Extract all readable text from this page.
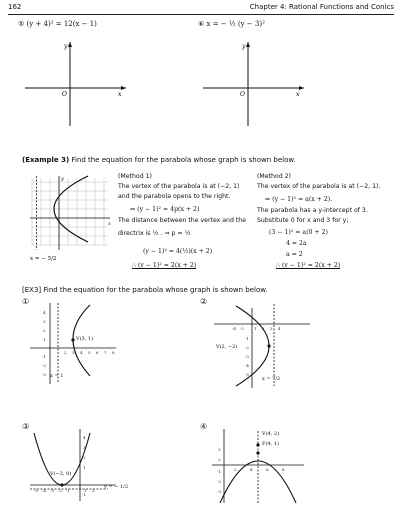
162	Chapter 4: Rational Functions and Conics
⑤ (y + 4)² = 12(x − 1)
O	x
y
⑥ x = − ½ (y − 3)²
O	x
y
(Example 3) Find the equation for the parabola whose graph is shown below.
x
y
x = − 5/2
(Method 1)
The vertex of the parabola is at (−2, 1)
and the parabola opens to the right.
⇒ (y − 1)² = 4p(x + 2)
The distance between the vertex and the
directrix is ½ . ⇒ p = ½
(y − 1)² = 4(½)(x + 2)
∴ (y − 1)² = 2(x + 2)
(Method 2)
The vertex of the parabola is at (−2, 1).
⇒ (y − 1)² = a(x + 2).
The parabola has a y-intercept of 3.
Substitute 0 for x and 3 for y;
(3 − 1)² = a(0 + 2)
4 = 2a
a = 2
∴ (y − 1)² = 2(x + 2)
[EX3] Find the equation for the parabola whose graph is shown below.
①
4
3
2
1
-1
-2
-3
2 3 4 5 6 7 8
V(3, 1)
x = 1
②
-4 -2	1 2 3 4
-1
-2
-3
-4
-5
V(2, −2)
x = 7/2
③
4
3
2
1
-1
-5 -4 -3 -2 -1	1 2
V(−2, 0)
y = − 1/2
④
3
2
-1
-2
-3
2	4	6	8
V(4, 2)
F(4, 1)
